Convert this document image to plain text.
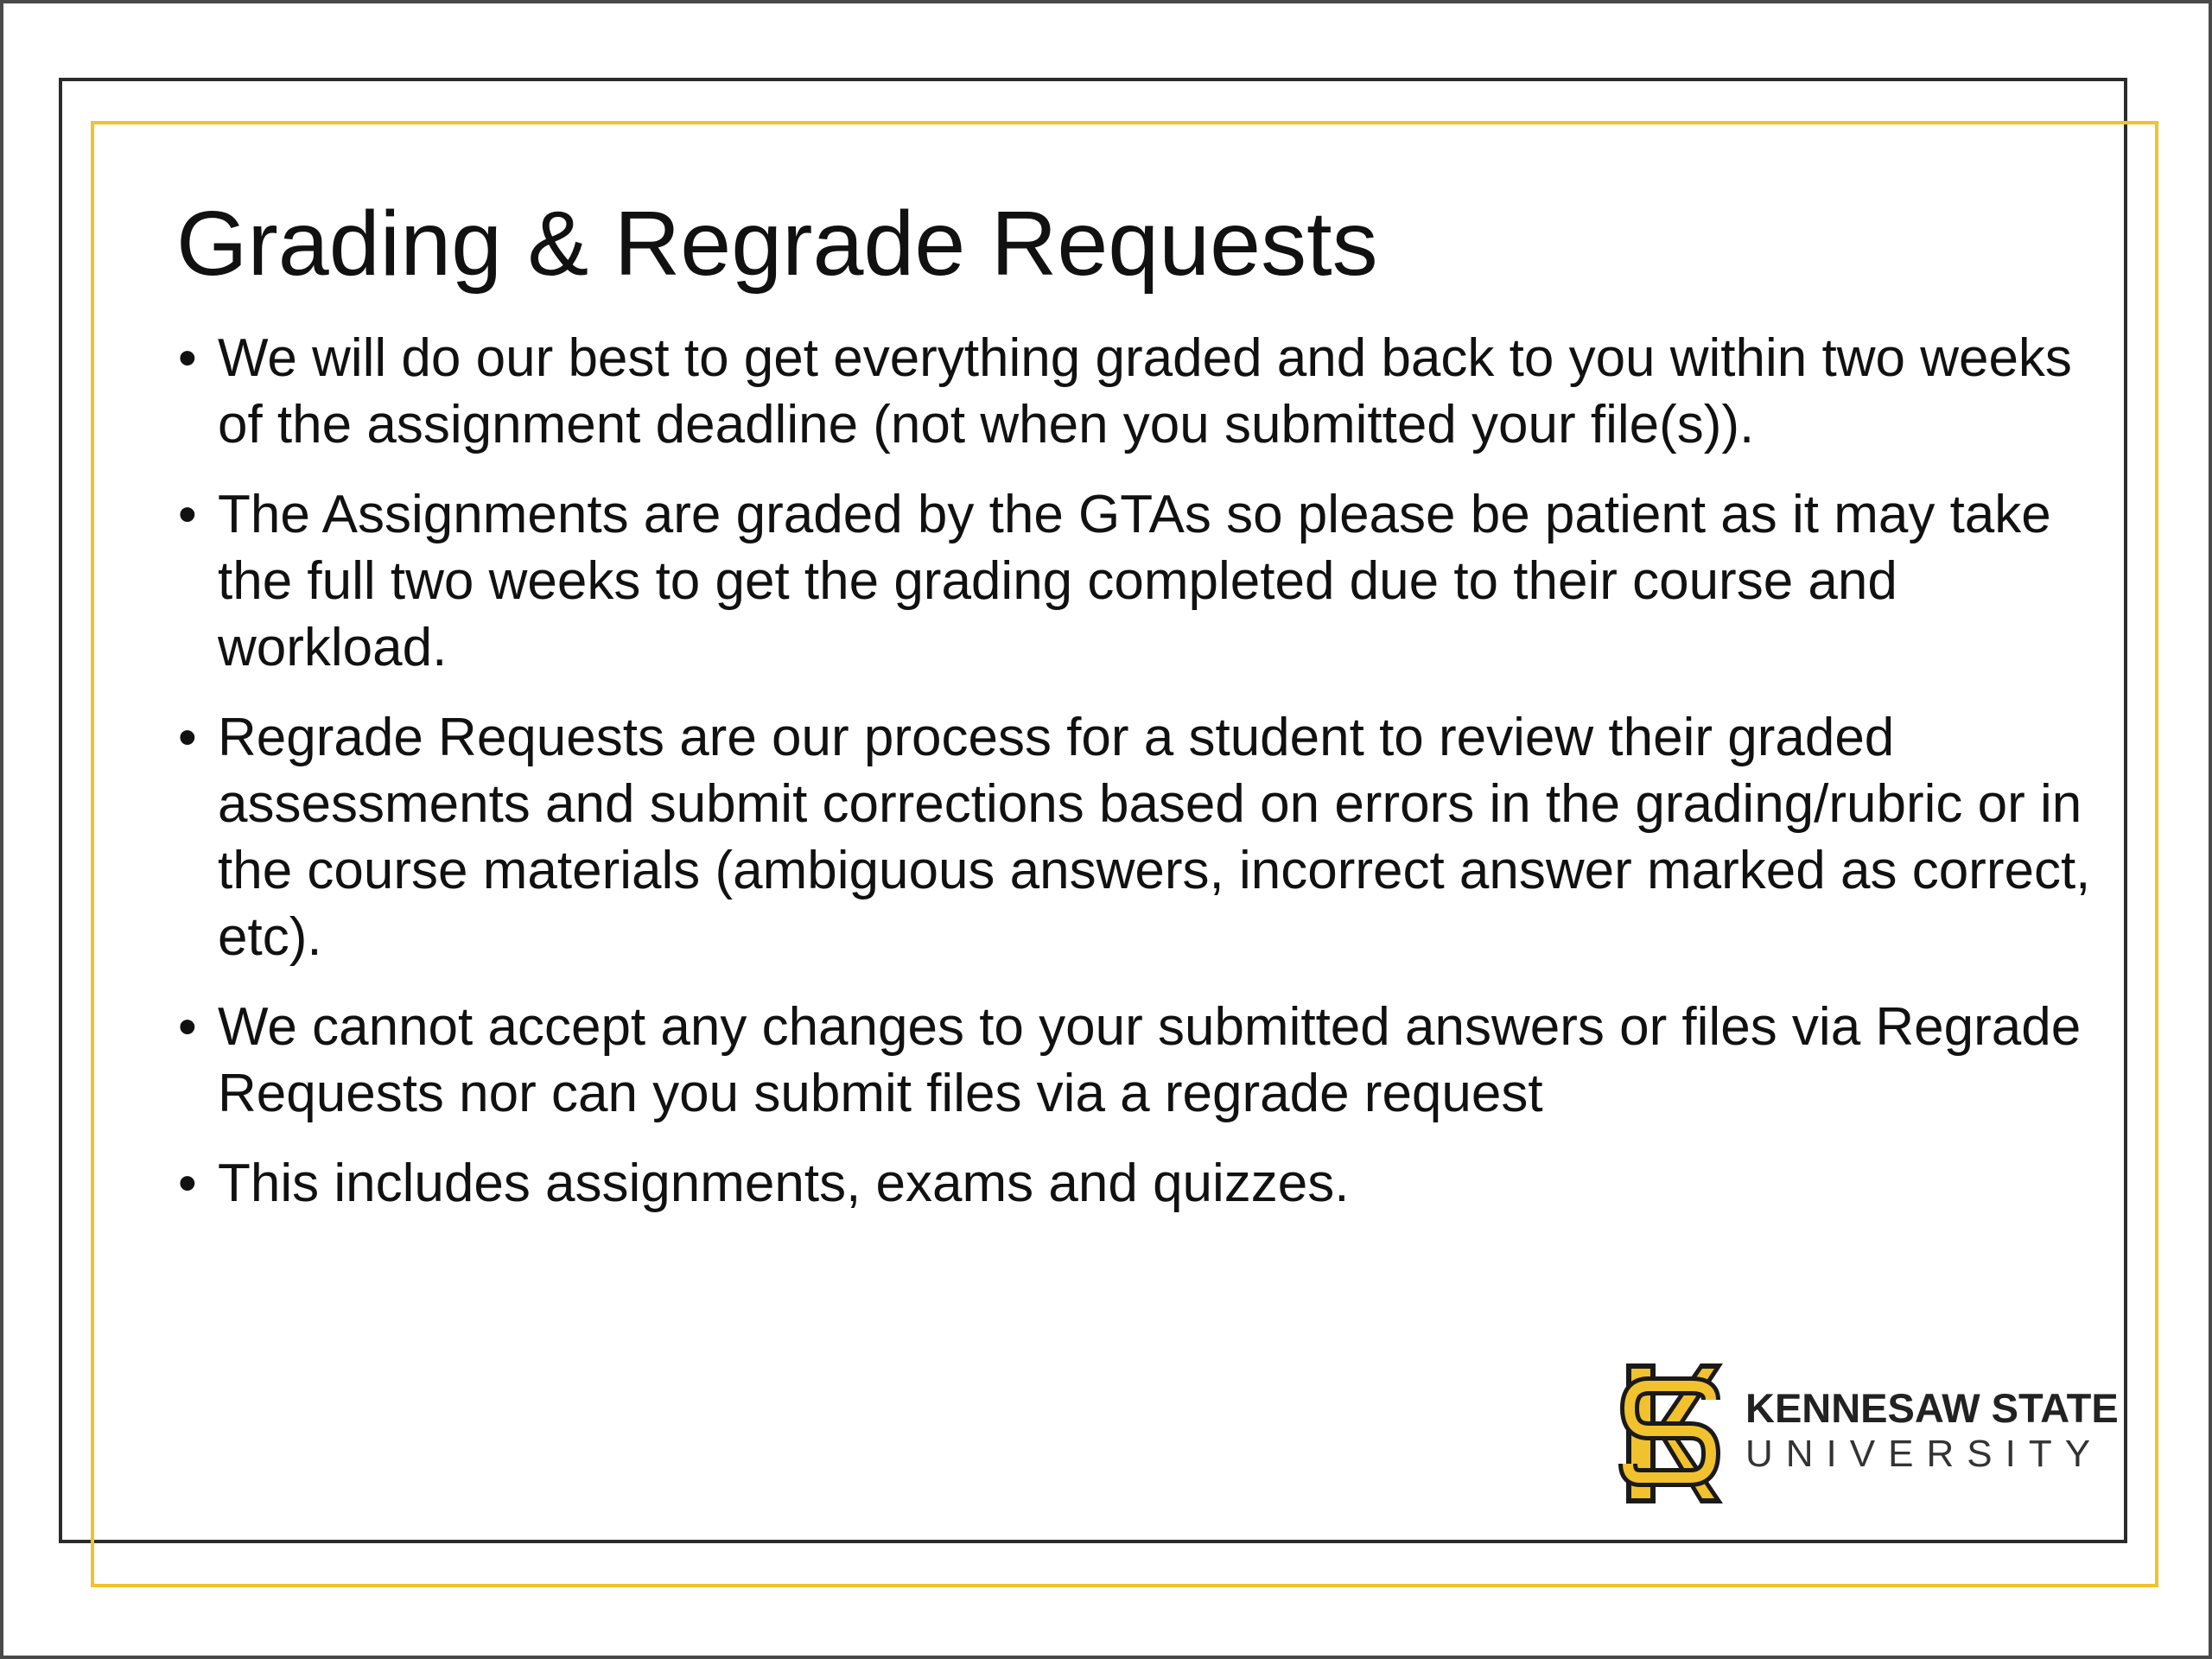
Grading & Regrade Requests
• We will do our best to get everything graded and back to you within two weeks of the assignment deadline (not when you submitted your file(s)).
• The Assignments are graded by the GTAs so please be patient as it may take the full two weeks to get the grading completed due to their course and workload.
• Regrade Requests are our process for a student to review their graded assessments and submit corrections based on errors in the grading/rubric or in the course materials (ambiguous answers, incorrect answer marked as correct, etc).
• We cannot accept any changes to your submitted answers or files via Regrade Requests nor can you submit files via a regrade request
• This includes assignments, exams and quizzes.
KENNESAW STATE
UNIVERSITY
